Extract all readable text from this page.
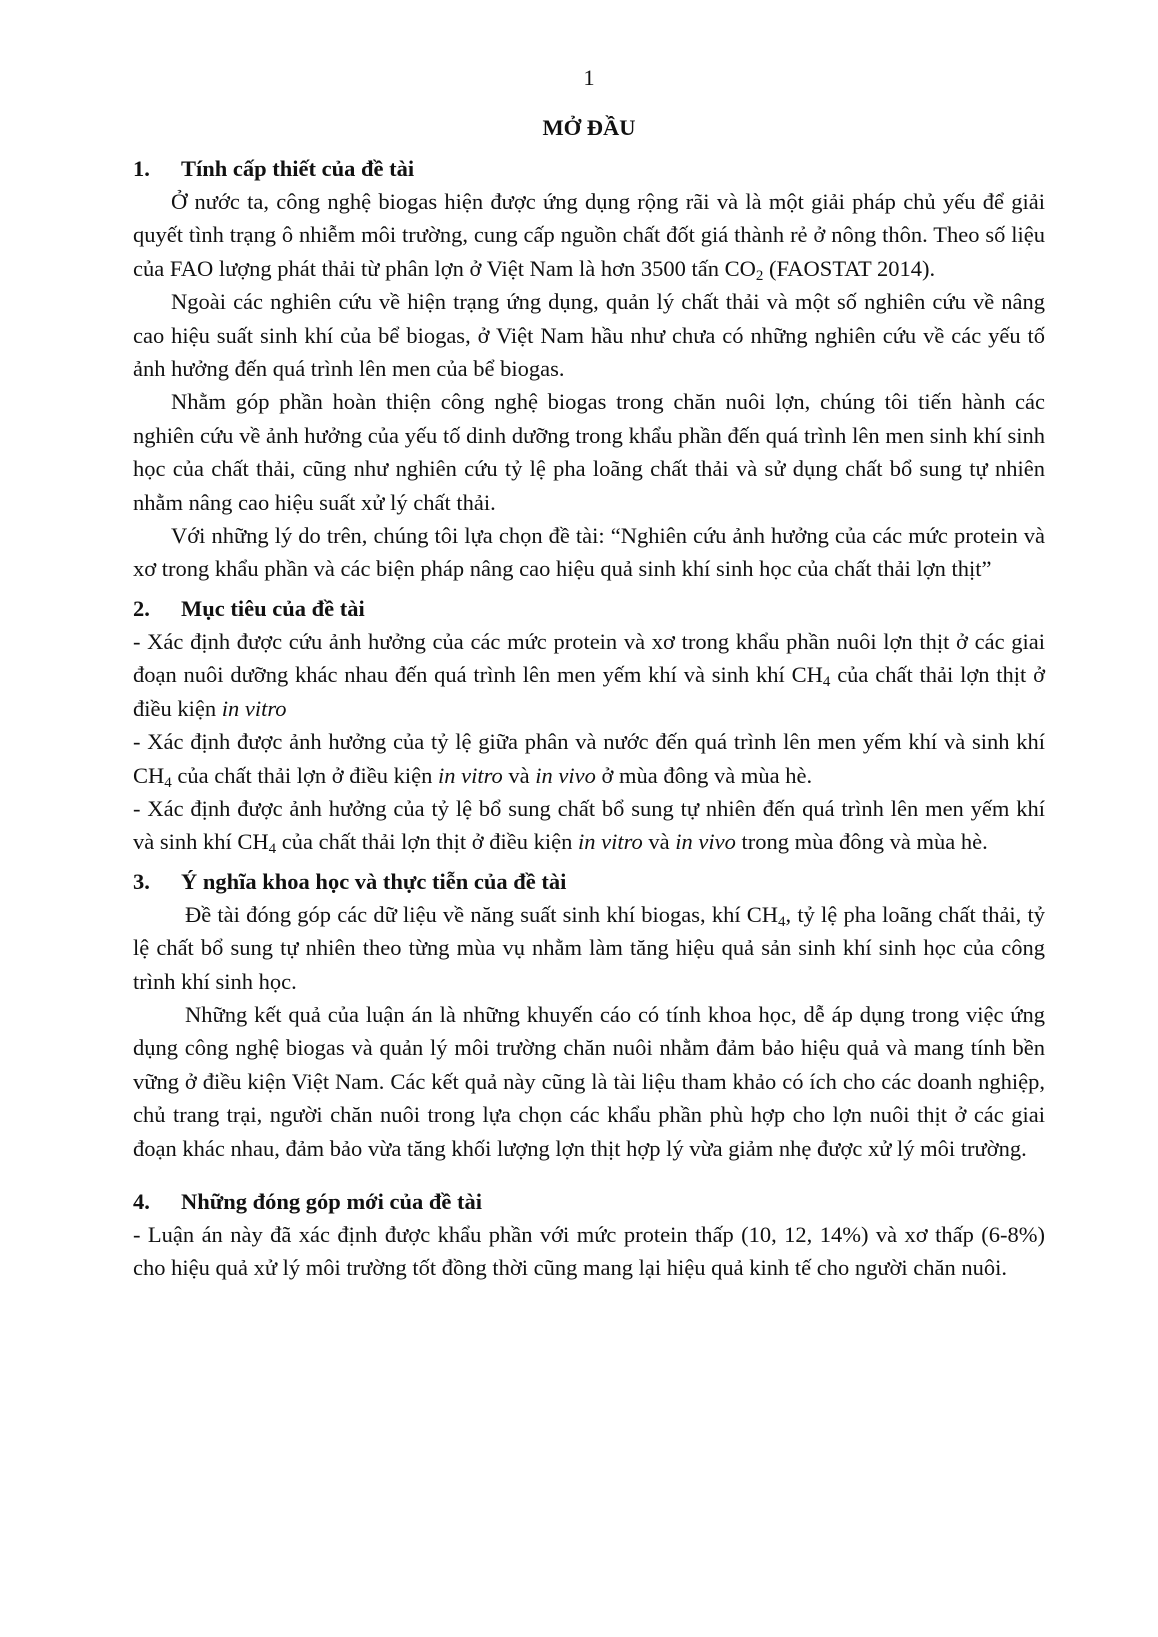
1
MỞ ĐẦU
1. Tính cấp thiết của đề tài

Ở nước ta, công nghệ biogas hiện được ứng dụng rộng rãi và là một giải pháp chủ yếu để giải quyết tình trạng ô nhiễm môi trường, cung cấp nguồn chất đốt giá thành rẻ ở nông thôn. Theo số liệu của FAO lượng phát thải từ phân lợn ở Việt Nam là hơn 3500 tấn $CO_2$ (FAOSTAT 2014).

Ngoài các nghiên cứu về hiện trạng ứng dụng, quản lý chất thải và một số nghiên cứu về nâng cao hiệu suất sinh khí của bể biogas, ở Việt Nam hầu như chưa có những nghiên cứu về các yếu tố ảnh hưởng đến quá trình lên men của bể biogas.

Nhằm góp phần hoàn thiện công nghệ biogas trong chăn nuôi lợn, chúng tôi tiến hành các nghiên cứu về ảnh hưởng của yếu tố dinh dưỡng trong khẩu phần đến quá trình lên men sinh khí sinh học của chất thải, cũng như nghiên cứu tỷ lệ pha loãng chất thải và sử dụng chất bổ sung tự nhiên nhằm nâng cao hiệu suất xử lý chất thải.

Với những lý do trên, chúng tôi lựa chọn đề tài: “Nghiên cứu ảnh hưởng của các mức protein và xơ trong khẩu phần và các biện pháp nâng cao hiệu quả sinh khí sinh học của chất thải lợn thịt”

2. Mục tiêu của đề tài

- Xác định được cứu ảnh hưởng của các mức protein và xơ trong khẩu phần nuôi lợn thịt ở các giai đoạn nuôi dưỡng khác nhau đến quá trình lên men yếm khí và sinh khí $CH_4$ của chất thải lợn thịt ở điều kiện in vitro

- Xác định được ảnh hưởng của tỷ lệ giữa phân và nước đến quá trình lên men yếm khí và sinh khí $CH_4$ của chất thải lợn ở điều kiện in vitro và in vivo ở mùa đông và mùa hè.

- Xác định được ảnh hưởng của tỷ lệ bổ sung chất bổ sung tự nhiên đến quá trình lên men yếm khí và sinh khí $CH_4$ của chất thải lợn thịt ở điều kiện in vitro và in vivo trong mùa đông và mùa hè.

3. Ý nghĩa khoa học và thực tiễn của đề tài

Đề tài đóng góp các dữ liệu về năng suất sinh khí biogas, khí $CH_4$, tỷ lệ pha loãng chất thải, tỷ lệ chất bổ sung tự nhiên theo từng mùa vụ nhằm làm tăng hiệu quả sản sinh khí sinh học của công trình khí sinh học.

Những kết quả của luận án là những khuyến cáo có tính khoa học, dễ áp dụng trong việc ứng dụng công nghệ biogas và quản lý môi trường chăn nuôi nhằm đảm bảo hiệu quả và mang tính bền vững ở điều kiện Việt Nam. Các kết quả này cũng là tài liệu tham khảo có ích cho các doanh nghiệp, chủ trang trại, người chăn nuôi trong lựa chọn các khẩu phần phù hợp cho lợn nuôi thịt ở các giai đoạn khác nhau, đảm bảo vừa tăng khối lượng lợn thịt hợp lý vừa giảm nhẹ được xử lý môi trường.

4. Những đóng góp mới của đề tài

- Luận án này đã xác định được khẩu phần với mức protein thấp (10, 12, 14%) và xơ thấp (6-8%) cho hiệu quả xử lý môi trường tốt đồng thời cũng mang lại hiệu quả kinh tế cho người chăn nuôi.
